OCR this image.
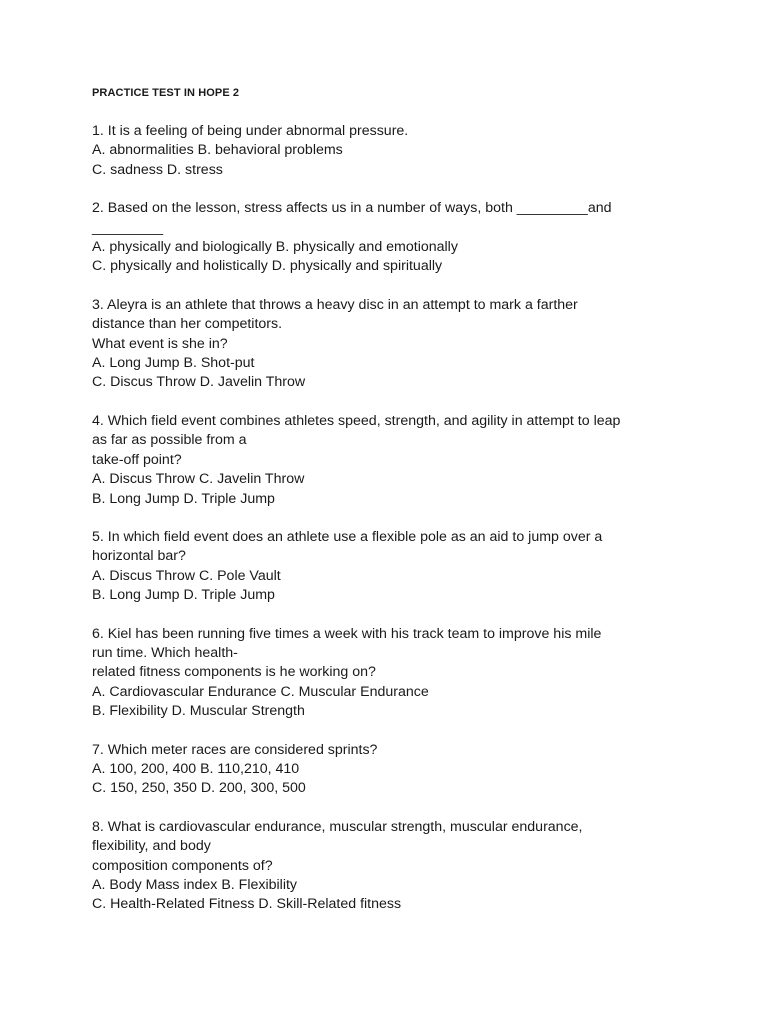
PRACTICE TEST IN HOPE 2
1. It is a feeling of being under abnormal pressure.
A. abnormalities B. behavioral problems
C. sadness D. stress
2. Based on the lesson, stress affects us in a number of ways, both _________and
_________
A. physically and biologically B. physically and emotionally
C. physically and holistically D. physically and spiritually
3. Aleyra is an athlete that throws a heavy disc in an attempt to mark a farther
distance than her competitors.
What event is she in?
A. Long Jump B. Shot-put
C. Discus Throw D. Javelin Throw
4. Which field event combines athletes speed, strength, and agility in attempt to leap
as far as possible from a
take-off point?
A. Discus Throw C. Javelin Throw
B. Long Jump D. Triple Jump
5. In which field event does an athlete use a flexible pole as an aid to jump over a
horizontal bar?
A. Discus Throw C. Pole Vault
B. Long Jump D. Triple Jump
6. Kiel has been running five times a week with his track team to improve his mile
run time. Which health-
related fitness components is he working on?
A. Cardiovascular Endurance C. Muscular Endurance
B. Flexibility D. Muscular Strength
7. Which meter races are considered sprints?
A. 100, 200, 400 B. 110,210, 410
C. 150, 250, 350 D. 200, 300, 500
8. What is cardiovascular endurance, muscular strength, muscular endurance,
flexibility, and body
composition components of?
A. Body Mass index B. Flexibility
C. Health-Related Fitness D. Skill-Related fitness
